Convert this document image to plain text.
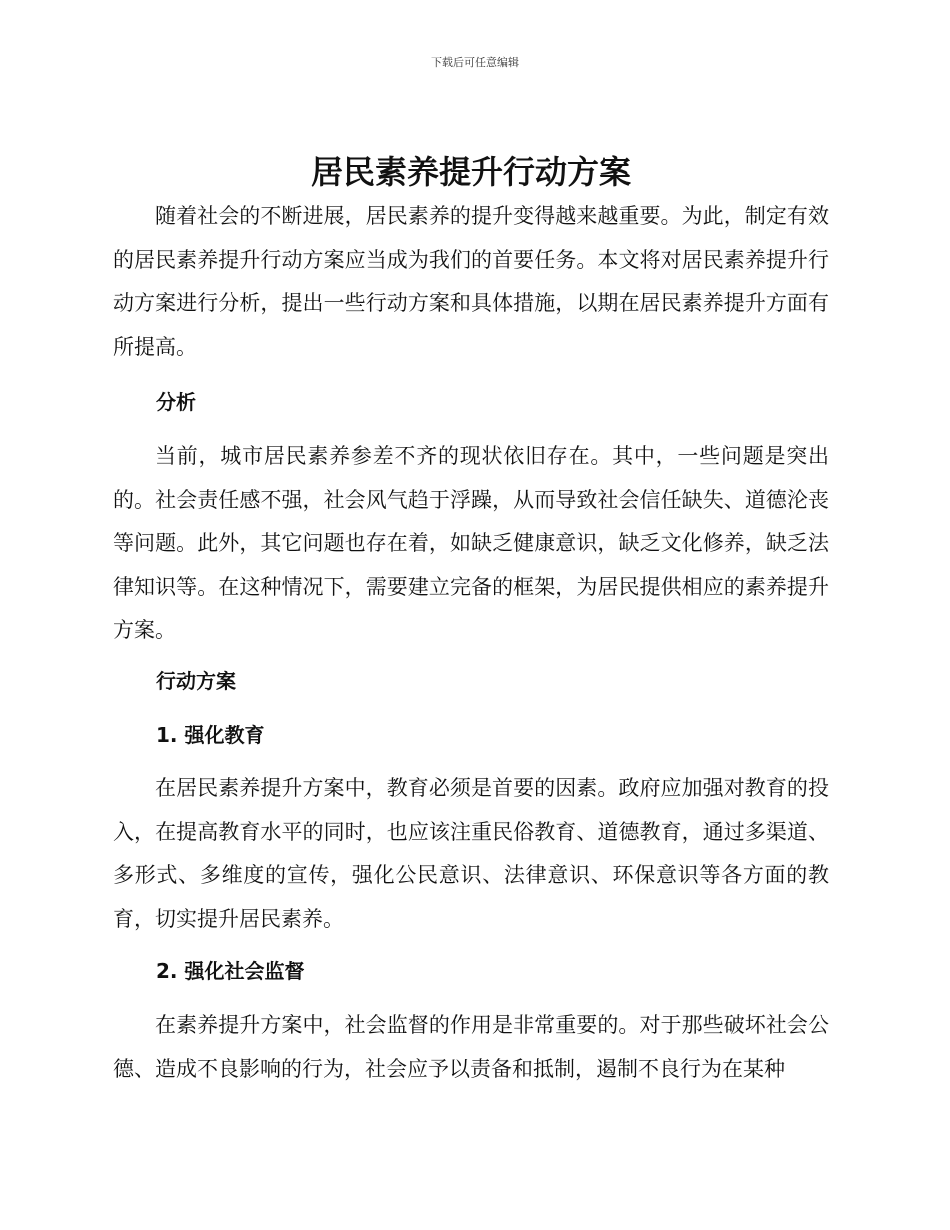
下载后可任意编辑
居民素养提升行动方案

随着社会的不断进展，居民素养的提升变得越来越重要。为此，制定有效的居民素养提升行动方案应当成为我们的首要任务。本文将对居民素养提升行动方案进行分析，提出一些行动方案和具体措施，以期在居民素养提升方面有所提高。

分析

当前，城市居民素养参差不齐的现状依旧存在。其中，一些问题是突出的。社会责任感不强，社会风气趋于浮躁，从而导致社会信任缺失、道德沦丧等问题。此外，其它问题也存在着，如缺乏健康意识，缺乏文化修养，缺乏法律知识等。在这种情况下，需要建立完备的框架，为居民提供相应的素养提升方案。

行动方案
1. 强化教育

在居民素养提升方案中，教育必须是首要的因素。政府应加强对教育的投入，在提高教育水平的同时，也应该注重民俗教育、道德教育，通过多渠道、多形式、多维度的宣传，强化公民意识、法律意识、环保意识等各方面的教育，切实提升居民素养。

2. 强化社会监督

在素养提升方案中，社会监督的作用是非常重要的。对于那些破坏社会公德、造成不良影响的行为，社会应予以责备和抵制，遏制不良行为在某种
